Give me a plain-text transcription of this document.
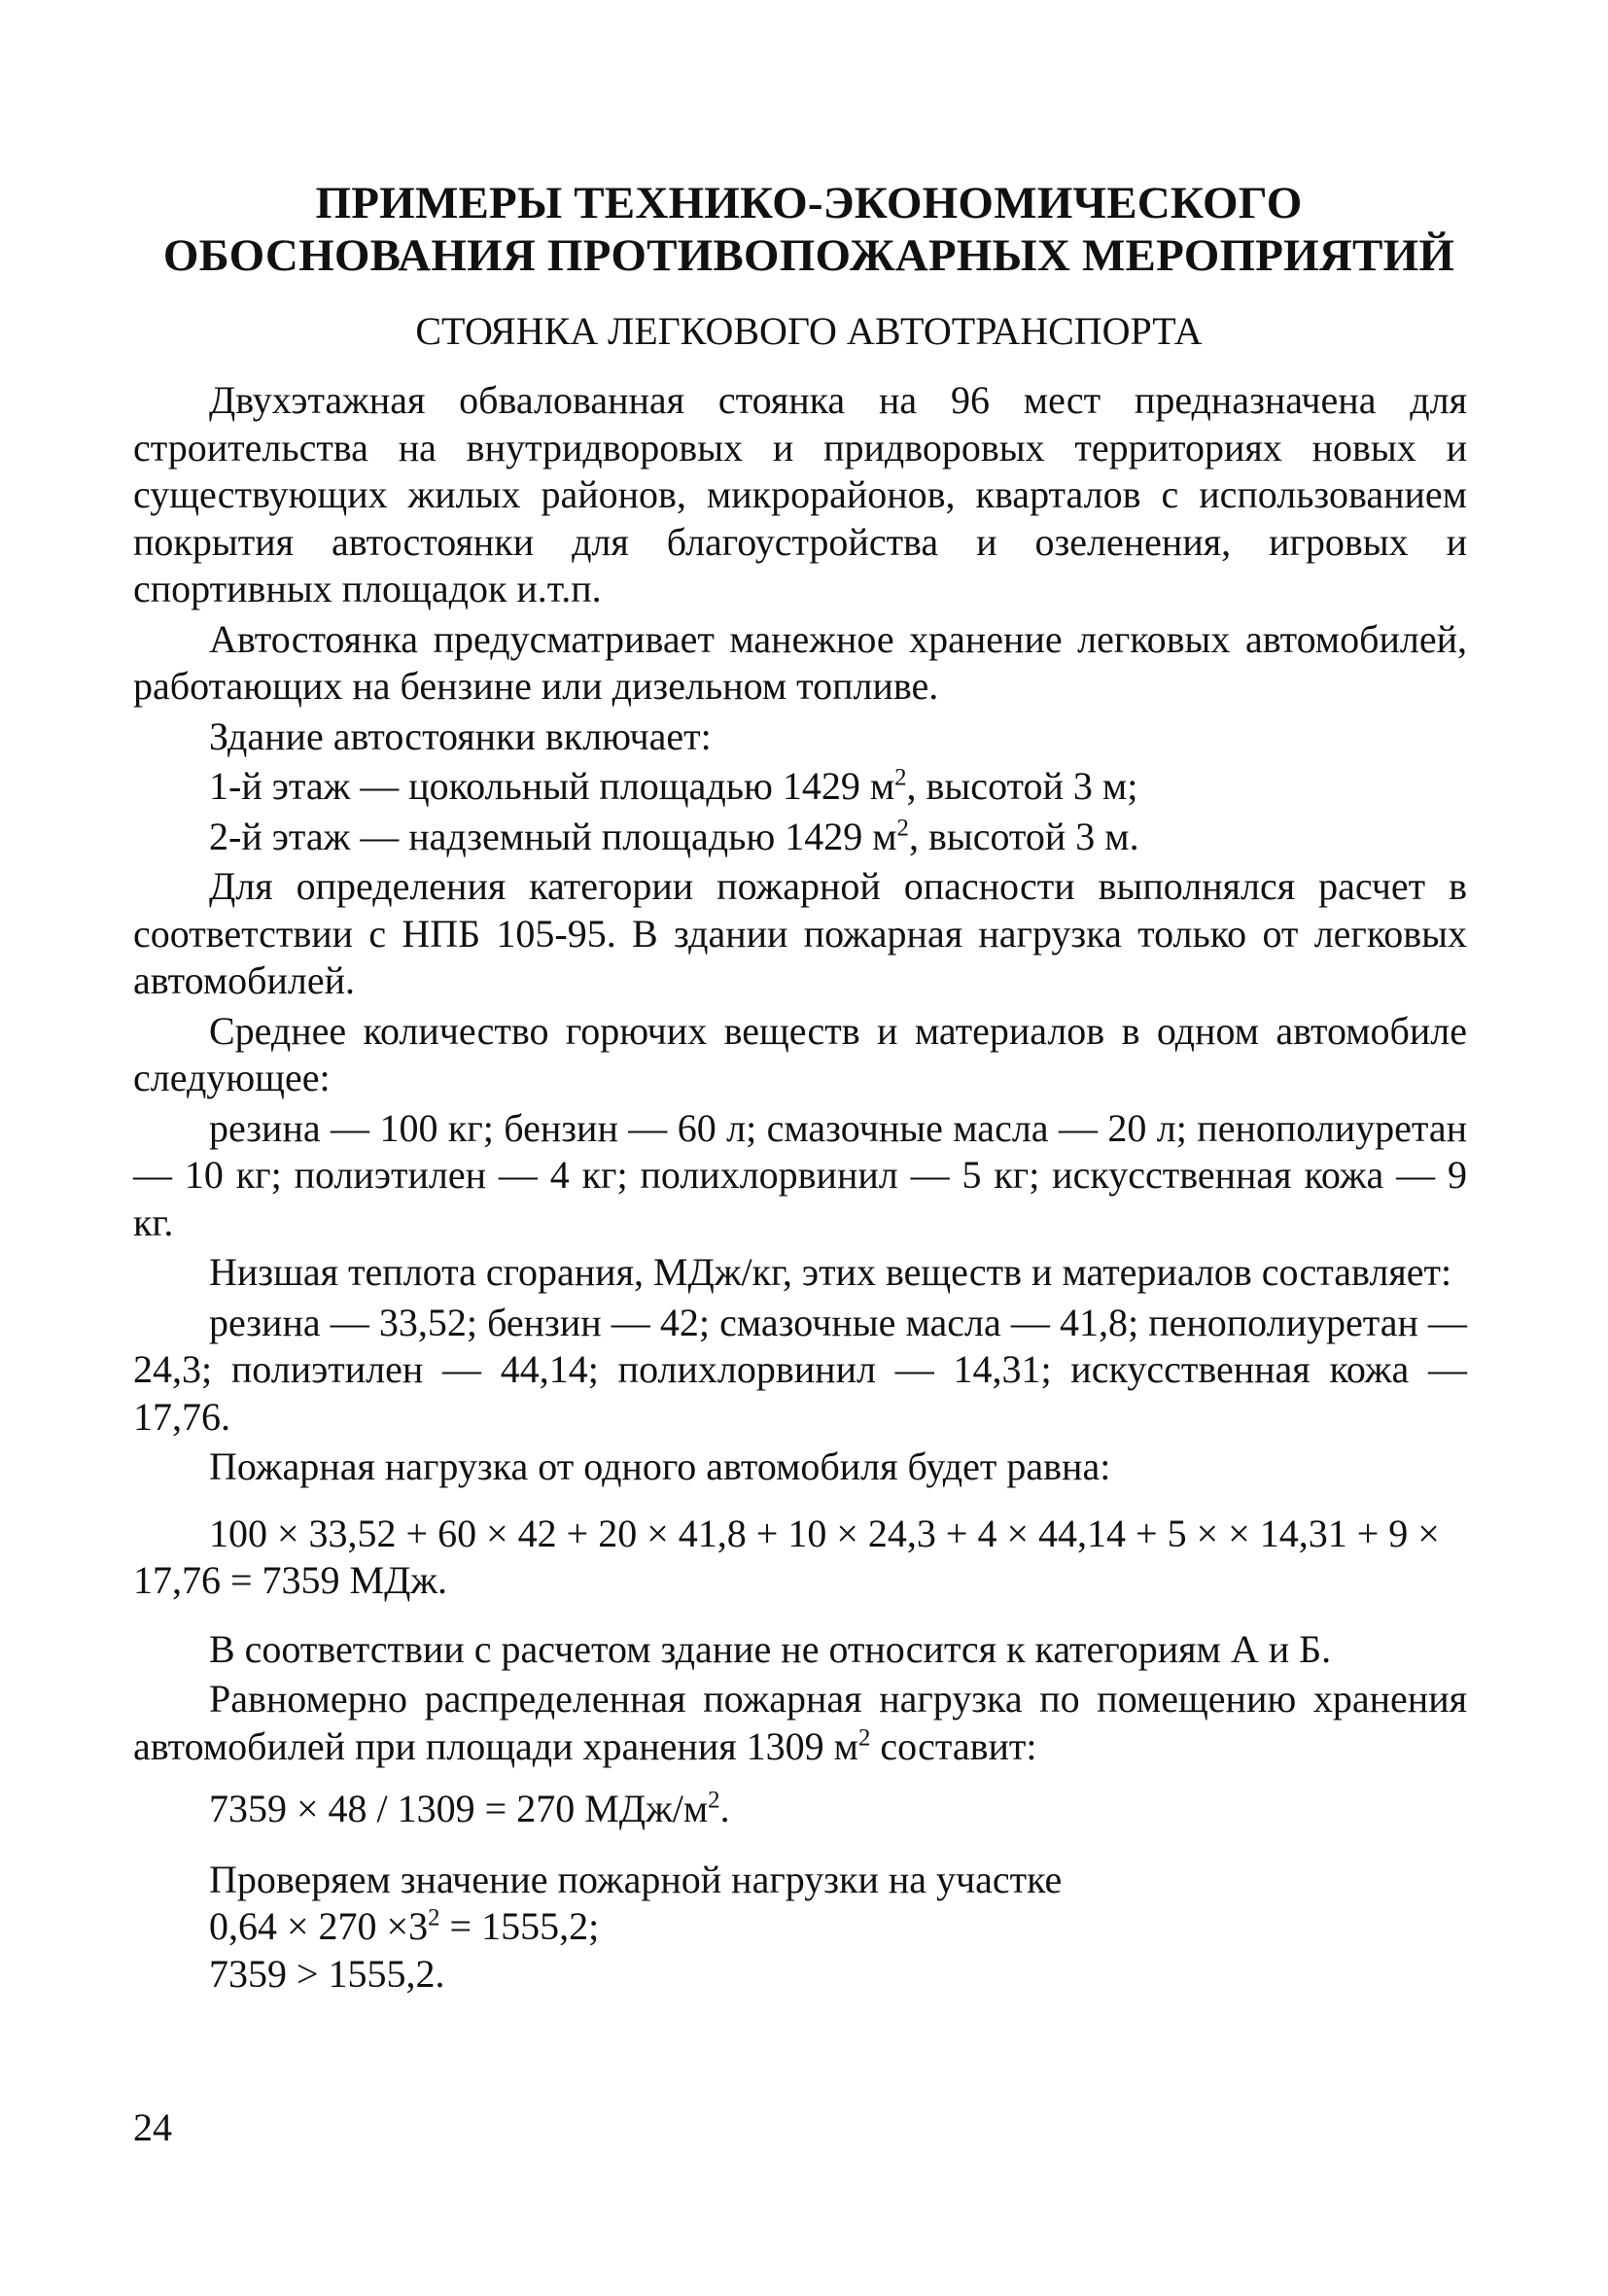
ПРИМЕРЫ ТЕХНИКО-ЭКОНОМИЧЕСКОГО
ОБОСНОВАНИЯ ПРОТИВОПОЖАРНЫХ МЕРОПРИЯТИЙ
СТОЯНКА ЛЕГКОВОГО АВТОТРАНСПОРТА

Двухэтажная обвалованная стоянка на 96 мест предназначена для строительства на внутридворовых и придворовых территориях новых и существующих жилых районов, микрорайонов, кварталов с использованием покрытия автостоянки для благоустройства и озеленения, игровых и спортивных площадок и.т.п.

Автостоянка предусматривает манежное хранение легковых автомобилей, работающих на бензине или дизельном топливе.

Здание автостоянки включает:

1-й этаж — цокольный площадью 1429 $м^2$, высотой 3 м;

2-й этаж — надземный площадью 1429 $м^2$, высотой 3 м.

Для определения категории пожарной опасности выполнялся расчет в соответствии с НПБ 105-95. В здании пожарная нагрузка только от легковых автомобилей.

Среднее количество горючих веществ и материалов в одном автомобиле следующее:

резина — 100 кг; бензин — 60 л; смазочные масла — 20 л; пенополиуретан — 10 кг; полиэтилен — 4 кг; полихлорвинил — 5 кг; искусственная кожа — 9 кг.

Низшая теплота сгорания, МДж/кг, этих веществ и материалов составляет:

резина — 33,52; бензин — 42; смазочные масла — 41,8; пенополиуретан — 24,3; полиэтилен — 44,14; полихлорвинил — 14,31; искусственная кожа — 17,76.

Пожарная нагрузка от одного автомобиля будет равна:

100 × 33,52 + 60 × 42 + 20 × 41,8 + 10 × 24,3 + 4 × 44,14 + 5 × × 14,31 + 9 × 17,76 = 7359 МДж.

В соответствии с расчетом здание не относится к категориям А и Б.

Равномерно распределенная пожарная нагрузка по помещению хранения автомобилей при площади хранения 1309 $м^2$ составит:

7359 × 48 / 1309 = 270 МДж/$м^2$.

Проверяем значение пожарной нагрузки на участке

$0,64 \times 270 \times 3^2 = 1555,2$;

7359 > 1555,2.

24
